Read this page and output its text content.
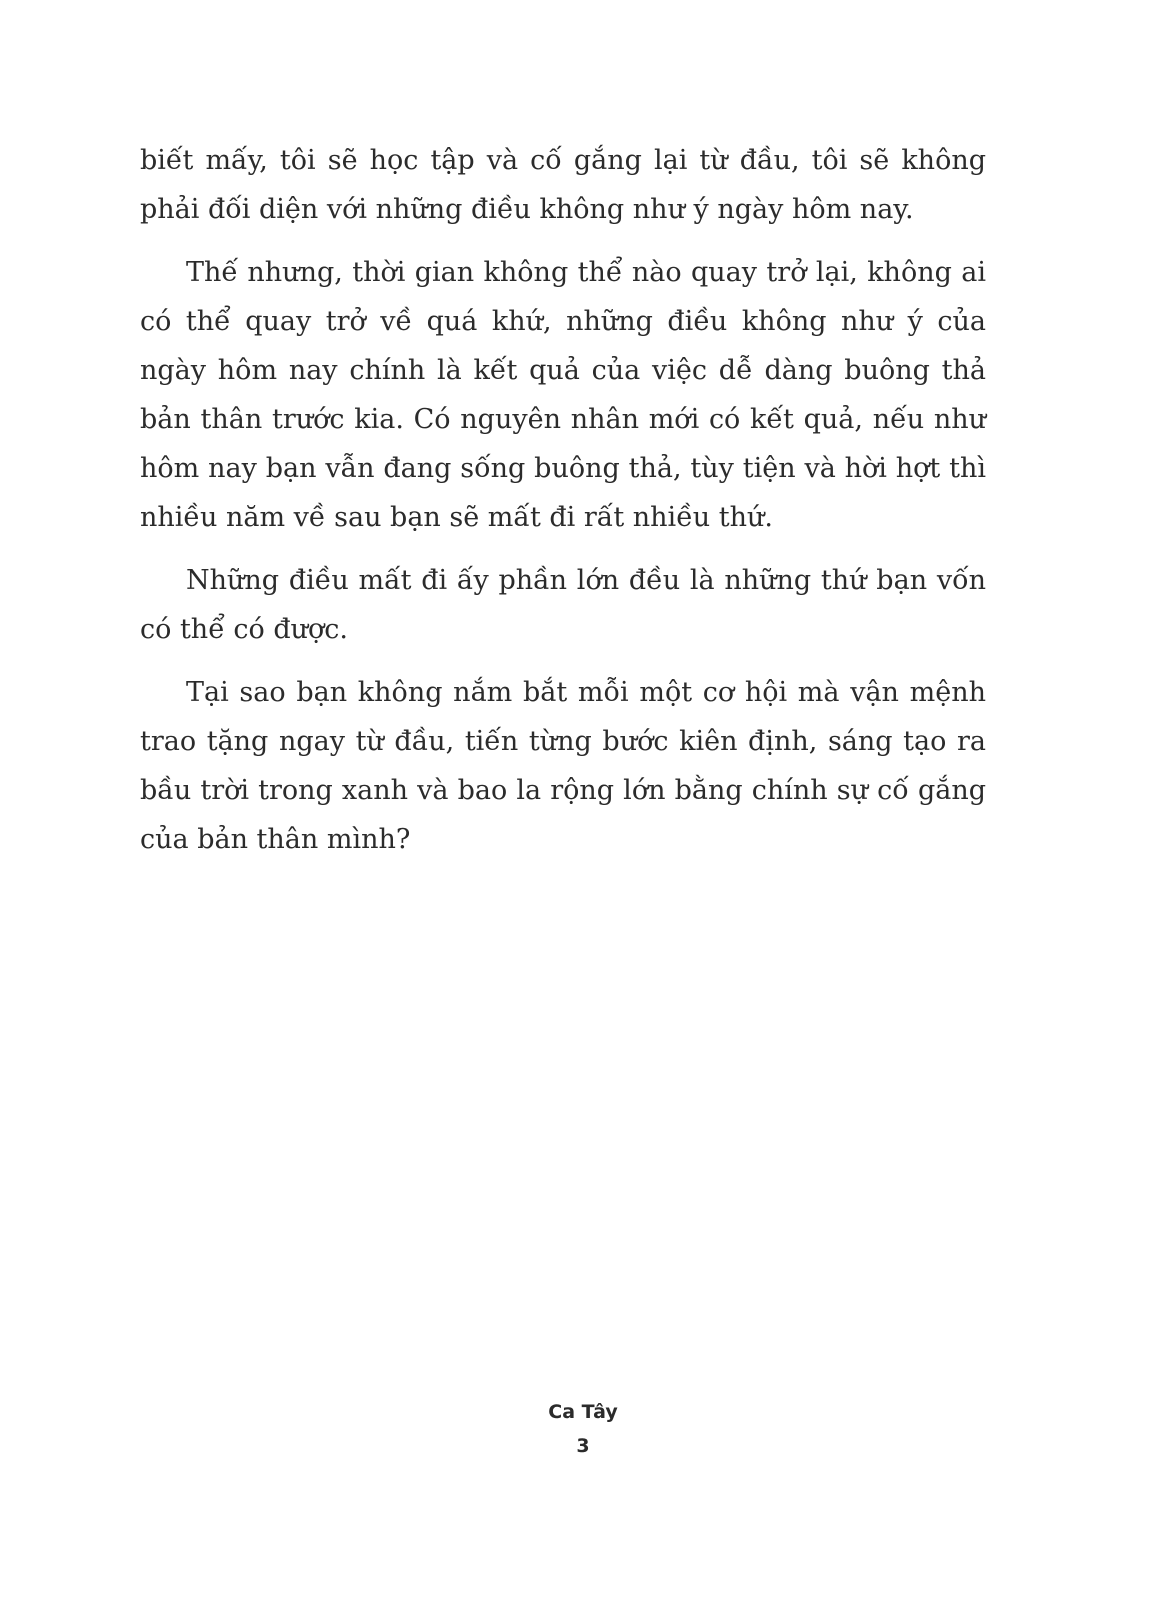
biết mấy, tôi sẽ học tập và cố gắng lại từ đầu, tôi sẽ không phải đối diện với những điều không như ý ngày hôm nay.

Thế nhưng, thời gian không thể nào quay trở lại, không ai có thể quay trở về quá khứ, những điều không như ý của ngày hôm nay chính là kết quả của việc dễ dàng buông thả bản thân trước kia. Có nguyên nhân mới có kết quả, nếu như hôm nay bạn vẫn đang sống buông thả, tùy tiện và hời hợt thì nhiều năm về sau bạn sẽ mất đi rất nhiều thứ.

Những điều mất đi ấy phần lớn đều là những thứ bạn vốn có thể có được.

Tại sao bạn không nắm bắt mỗi một cơ hội mà vận mệnh trao tặng ngay từ đầu, tiến từng bước kiên định, sáng tạo ra bầu trời trong xanh và bao la rộng lớn bằng chính sự cố gắng của bản thân mình?

Ca Tây
3
